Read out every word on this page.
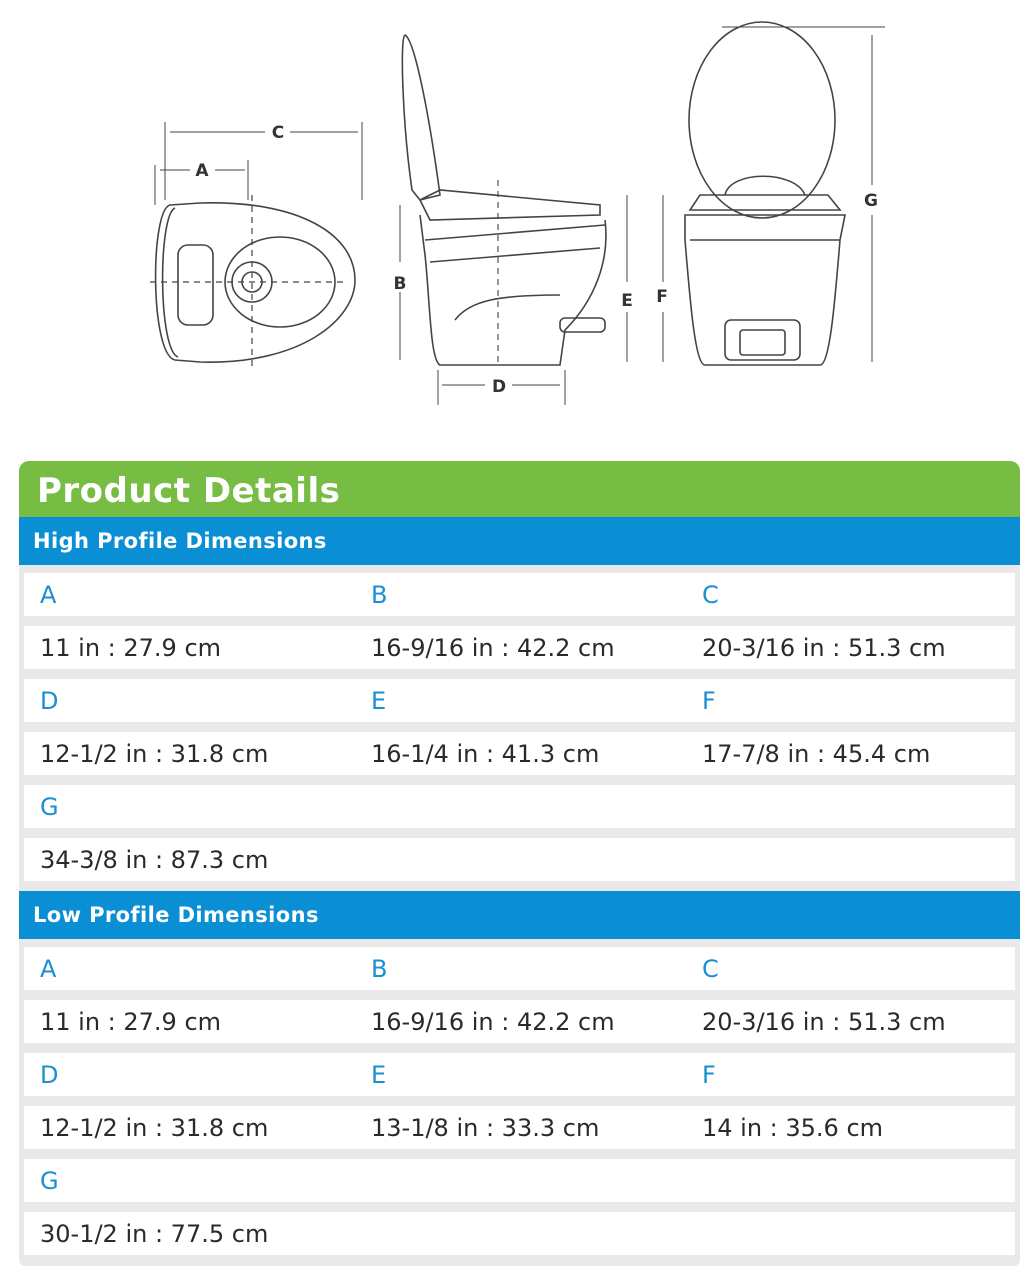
A
B
C
D
E F
G
Product Details
High Profile Dimensions
A	B	C
11 in : 27.9 cm	16-9/16 in : 42.2 cm	20-3/16 in : 51.3 cm
D	E	F
12-1/2 in : 31.8 cm	16-1/4 in : 41.3 cm	17-7/8 in : 45.4 cm
G
34-3/8 in : 87.3 cm
Low Profile Dimensions
A	B	C
11 in : 27.9 cm	16-9/16 in : 42.2 cm	20-3/16 in : 51.3 cm
D	E	F
12-1/2 in : 31.8 cm	13-1/8 in : 33.3 cm	14 in : 35.6 cm
G
30-1/2 in : 77.5 cm
